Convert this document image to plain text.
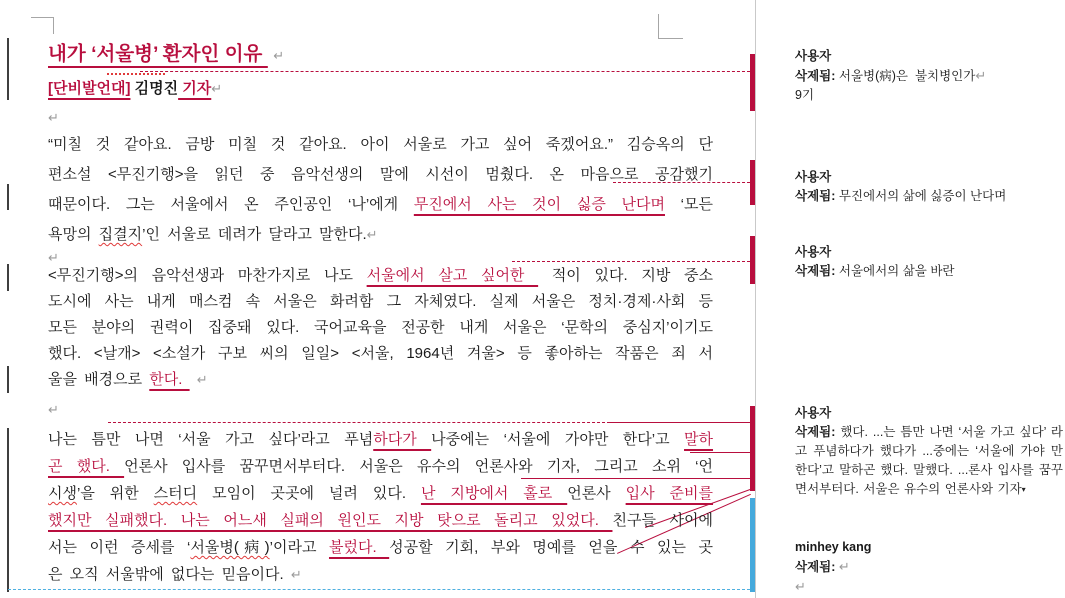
내가 ‘서울병’ 환자인 이유  ↵
[단비발언대] 김명진 기자↵
↵
“미칠 것 같아요. 금방 미칠 것 같아요. 아이 서울로 가고 싶어 죽겠어요.” 김승옥의 단
편소설 <무진기행>을 읽던 중 음악선생의 말에 시선이 멈췄다. 온 마음으로 공감했기
때문이다. 그는 서울에서 온 주인공인 ‘나’에게 무진에서 사는 것이 싫증 난다며 ‘모든
욕망의 집결지’인 서울로 데려가 달라고 말한다.↵
↵
<무진기행>의 음악선생과 마찬가지로 나도 서울에서 살고 싶어한  적이 있다. 지방 중소
도시에 사는 내게 매스컴 속 서울은 화려함 그 자체였다. 실제 서울은 정치·경제·사회 등
모든 분야의 권력이 집중돼 있다. 국어교육을 전공한 내게 서울은 ‘문학의 중심지’이기도
했다. <날개> <소설가 구보 씨의 일일> <서울, 1964년 겨울> 등 좋아하는 작품은 죄 서
울을 배경으로 한다.  ↵
↵
나는 틈만 나면 ‘서울 가고 싶다’라고 푸념하다가 나중에는 ‘서울에 가야만 한다’고 말하
곤 했다. 언론사 입사를 꿈꾸면서부터다. 서울은 유수의 언론사와 기자, 그리고 소위 ‘언
시생’을 위한 스터디 모임이 곳곳에 널려 있다. 난 지방에서 홀로 언론사 입사 준비를
했지만 실패했다. 나는 어느새 실패의 원인도 지방 탓으로 돌리고 있었다. 친구들 사이에
서는 이런 증세를 ‘서울병(病)’이라고 불렀다. 성공할 기회, 부와 명예를 얻을 수 있는 곳
은 오직 서울밖에 없다는 믿음이다. ↵
사용자
삭제됨: 서울병(病)은  불치병인가↵
9기
사용자
삭제됨: 무진에서의 삶에 싫증이 난다며
사용자
삭제됨: 서울에서의 삶을 바란
사용자
삭제됨: 했다. ...는 틈만 나면 ‘서울 가고 싶다’ 라고 푸념하다가 했다가 ...중에는 ‘서울에 가야 만 한다’고 말하곤 했다. 말했다. ...론사 입사를 꿈꾸면서부터다. 서울은 유수의 언론사와 기자▾
minhey kang
삭제됨: ↵
↵
